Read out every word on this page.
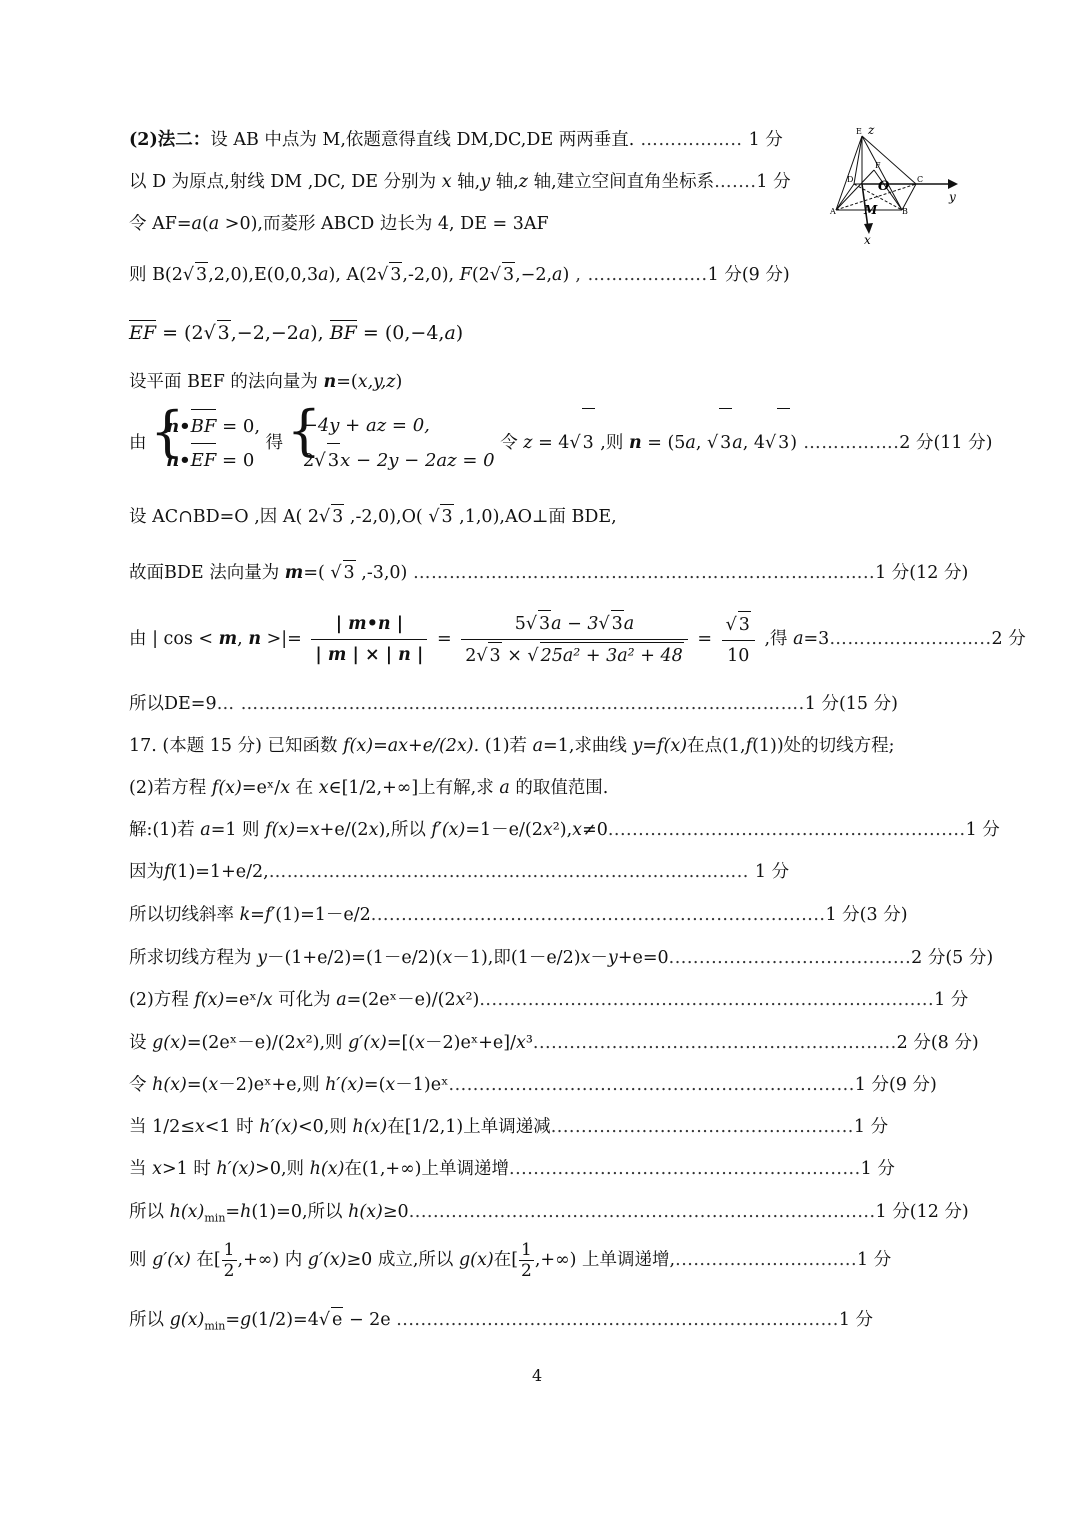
z
y
x
O
M
E
F
A	B
C
D
(2)法二：设 AB 中点为 M,依题意得直线 DM,DC,DE 两两垂直. …………….. 1 分
以 D 为原点,射线 DM ,DC, DE 分别为 x 轴,y 轴,z 轴,建立空间直角坐标系…....1 分
令 AF=a(a >0),而菱形 ABCD 边长为 4, DE = 3AF
则 B(2√ 3,2,0),E(0,0,3a), A(2√ 3,-2,0), F(2√ 3,−2,a) , …………….….1 分(9 分)
EF = (2√ 3,−2,−2a), BF = (0,−4,a)
设平面 BEF 的法向量为 n=(x,y,z)
由
{ n•BF = 0,
n•EF = 0
得
{ −4y + az = 0,
2√ 3x − 2y − 2az = 0
令 z = 4√ 3 ,则 n = (5a, √ 3a, 4√ 3) …………….2 分(11 分)
设 AC∩BD=O ,因 A( 2√ 3 ,-2,0),O( √ 3 ,1,0),AO⊥面 BDE,
故面BDE 法向量为 m=( √ 3 ,-3,0) …………………………………………………………………..1 分(12 分)
由 | cos < m, n >|= $\frac{| m•n |}{| m | \times | n |} = \frac{5√ 3a - 3√ 3a}{\text{2√ 3 × √ 25a² + 3a² + 48}} = \frac{√ 3}{10}$ ,得 a=3………………….…..2 分
所以DE=9… ………………………………………………………………………………….1 分(15 分)
17. (本题 15 分) 已知函数 f(x)=ax+e/(2x). (1)若 a=1,求曲线 y=f(x)在点(1,f(1))处的切线方程;
(2)若方程 f(x)=eˣ/x 在 x∈[1/2,+∞]上有解,求 a 的取值范围.
解:(1)若 a=1 则 f(x)=x+e/(2x),所以 f′(x)=1－e/(2x²),x≠0...........................................................1 分
因为f(1)=1+e/2,…………………………………………………………………….. 1 分
所以切线斜率 k=f′(1)=1－e/2...........................................................................1 分(3 分)
所求切线方程为 y－(1+e/2)=(1－e/2)(x－1),即(1－e/2)x－y+e=0........................................2 分(5 分)
(2)方程 f(x)=eˣ/x 可化为 a=(2eˣ－e)/(2x²)...........................................................................1 分
设 g(x)=(2eˣ－e)/(2x²),则 g′(x)=[(x－2)eˣ+e]/x³............................................................2 分(8 分)
令 h(x)=(x－2)eˣ+e,则 h′(x)=(x－1)eˣ...................................................................1 分(9 分)
当 1/2≤x<1 时 h′(x)<0,则 h(x)在[1/2,1)上单调递减..................................................1 分
当 x>1 时 h′(x)>0,则 h(x)在(1,+∞)上单调递增..........................................................1 分
所以 $h(x)_{min}=h(1)=0$,所以 h(x)≥0.............................................................................1 分(12 分)
则 g′(x) 在[ $\frac{1}{2}$ ,+∞) 内 g′(x)≥0 成立,所以 g(x)在[ $\frac{1}{2}$ ,+∞) 上单调递增,..............................1 分
所以 $g(x)_{min}=g(1/2)=4√$ e − 2e .........................................................................1 分
4
